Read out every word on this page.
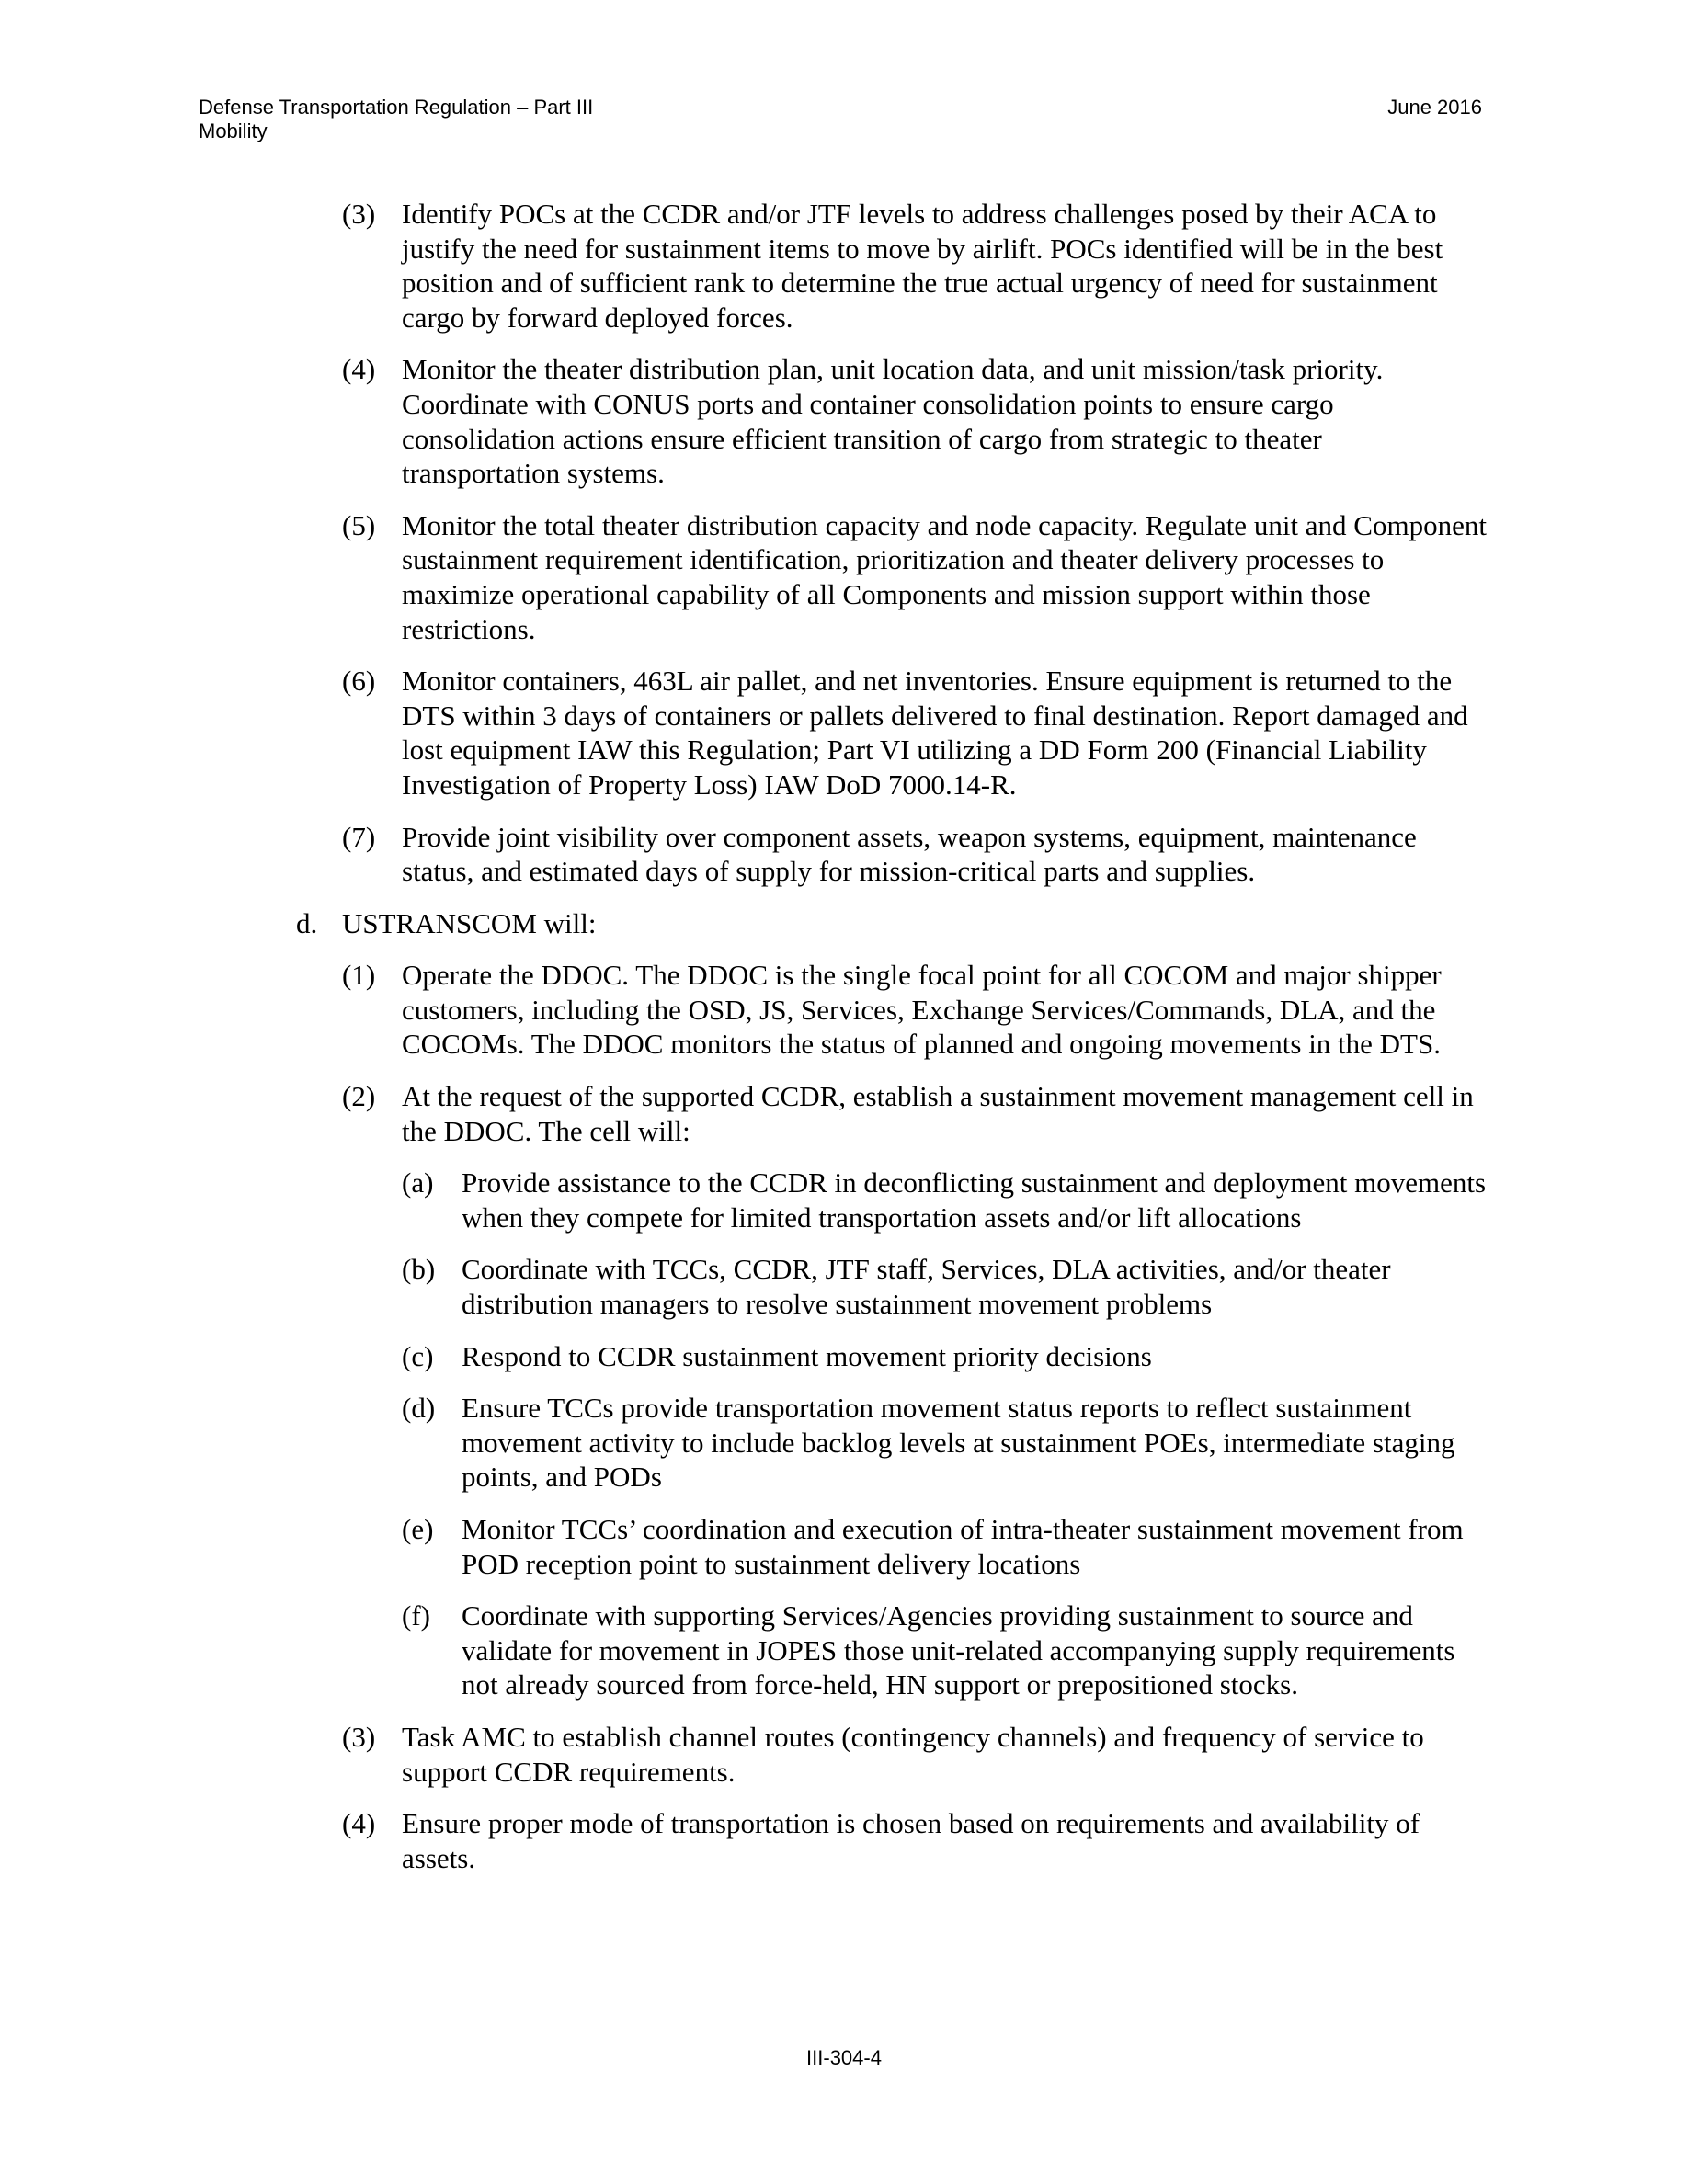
Defense Transportation Regulation – Part III
Mobility
June 2016
(3) Identify POCs at the CCDR and/or JTF levels to address challenges posed by their ACA to justify the need for sustainment items to move by airlift. POCs identified will be in the best position and of sufficient rank to determine the true actual urgency of need for sustainment cargo by forward deployed forces.
(4) Monitor the theater distribution plan, unit location data, and unit mission/task priority. Coordinate with CONUS ports and container consolidation points to ensure cargo consolidation actions ensure efficient transition of cargo from strategic to theater transportation systems.
(5) Monitor the total theater distribution capacity and node capacity. Regulate unit and Component sustainment requirement identification, prioritization and theater delivery processes to maximize operational capability of all Components and mission support within those restrictions.
(6) Monitor containers, 463L air pallet, and net inventories. Ensure equipment is returned to the DTS within 3 days of containers or pallets delivered to final destination. Report damaged and lost equipment IAW this Regulation; Part VI utilizing a DD Form 200 (Financial Liability Investigation of Property Loss) IAW DoD 7000.14-R.
(7) Provide joint visibility over component assets, weapon systems, equipment, maintenance status, and estimated days of supply for mission-critical parts and supplies.
d. USTRANSCOM will:
(1) Operate the DDOC. The DDOC is the single focal point for all COCOM and major shipper customers, including the OSD, JS, Services, Exchange Services/Commands, DLA, and the COCOMs. The DDOC monitors the status of planned and ongoing movements in the DTS.
(2) At the request of the supported CCDR, establish a sustainment movement management cell in the DDOC. The cell will:
(a) Provide assistance to the CCDR in deconflicting sustainment and deployment movements when they compete for limited transportation assets and/or lift allocations
(b) Coordinate with TCCs, CCDR, JTF staff, Services, DLA activities, and/or theater distribution managers to resolve sustainment movement problems
(c) Respond to CCDR sustainment movement priority decisions
(d) Ensure TCCs provide transportation movement status reports to reflect sustainment movement activity to include backlog levels at sustainment POEs, intermediate staging points, and PODs
(e) Monitor TCCs’ coordination and execution of intra-theater sustainment movement from POD reception point to sustainment delivery locations
(f) Coordinate with supporting Services/Agencies providing sustainment to source and validate for movement in JOPES those unit-related accompanying supply requirements not already sourced from force-held, HN support or prepositioned stocks.
(3) Task AMC to establish channel routes (contingency channels) and frequency of service to support CCDR requirements.
(4) Ensure proper mode of transportation is chosen based on requirements and availability of assets.
III-304-4
